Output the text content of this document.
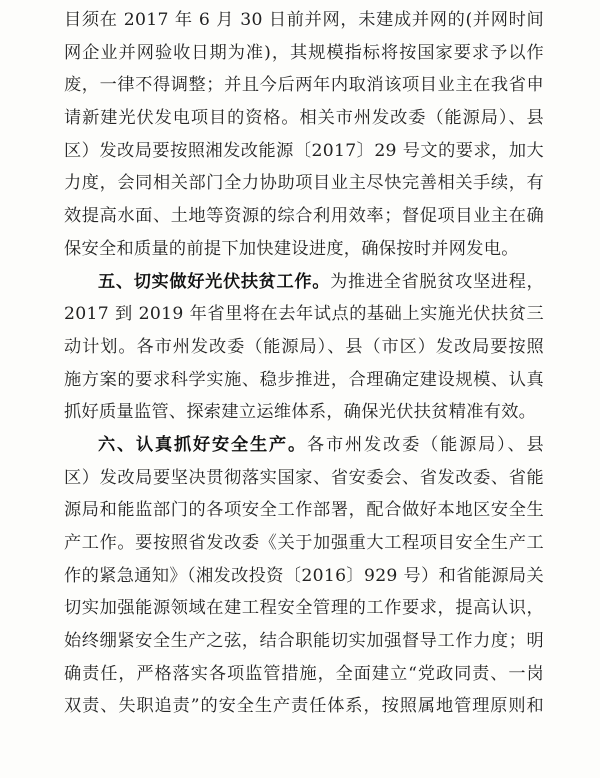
目须在 2017 年 6 月 30 日前并网，未建成并网的(并网时间
网企业并网验收日期为准)，其规模指标将按国家要求予以作
废，一律不得调整；并且今后两年内取消该项目业主在我省申
请新建光伏发电项目的资格。相关市州发改委（能源局）、县
区）发改局要按照湘发改能源〔2017〕29 号文的要求，加大
力度，会同相关部门全力协助项目业主尽快完善相关手续，有
效提高水面、土地等资源的综合利用效率；督促项目业主在确
保安全和质量的前提下加快建设进度，确保按时并网发电。
五、切实做好光伏扶贫工作。为推进全省脱贫攻坚进程，
2017 到 2019 年省里将在去年试点的基础上实施光伏扶贫三
动计划。各市州发改委（能源局）、县（市区）发改局要按照
施方案的要求科学实施、稳步推进，合理确定建设规模、认真
抓好质量监管、探索建立运维体系，确保光伏扶贫精准有效。
六、认真抓好安全生产。各市州发改委（能源局）、县
区）发改局要坚决贯彻落实国家、省安委会、省发改委、省能
源局和能监部门的各项安全工作部署，配合做好本地区安全生
产工作。要按照省发改委《关于加强重大工程项目安全生产工
作的紧急通知》（湘发改投资〔2016〕929 号）和省能源局关
切实加强能源领域在建工程安全管理的工作要求，提高认识，
始终绷紧安全生产之弦，结合职能切实加强督导工作力度；明
确责任，严格落实各项监管措施，全面建立“党政同责、一岗
双责、失职追责”的安全生产责任体系，按照属地管理原则和
